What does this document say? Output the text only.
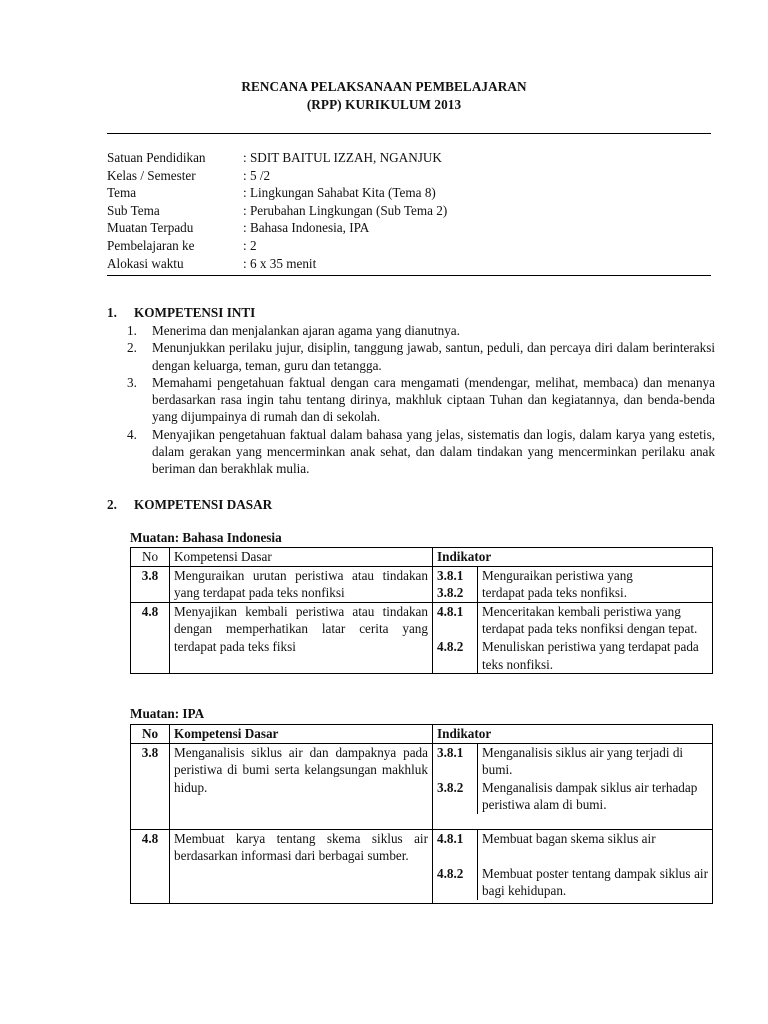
RENCANA PELAKSANAAN PEMBELAJARAN
(RPP) KURIKULUM 2013
Satuan Pendidikan	: SDIT BAITUL IZZAH, NGANJUK
Kelas / Semester	: 5 /2
Tema	: Lingkungan Sahabat Kita (Tema 8)
Sub Tema	: Perubahan Lingkungan (Sub Tema 2)
Muatan Terpadu	: Bahasa Indonesia, IPA
Pembelajaran ke	: 2
Alokasi waktu	: 6 x 35 menit
1. KOMPETENSI INTI
1.	Menerima dan menjalankan ajaran agama yang dianutnya.
2.	Menunjukkan perilaku jujur, disiplin, tanggung jawab, santun, peduli, dan percaya diri dalam berinteraksi dengan keluarga, teman, guru dan tetangga.
3.	Memahami pengetahuan faktual dengan cara mengamati (mendengar, melihat, membaca) dan menanya berdasarkan rasa ingin tahu tentang dirinya, makhluk ciptaan Tuhan dan kegiatannya, dan benda-benda yang dijumpainya di rumah dan di sekolah.
4.	Menyajikan pengetahuan faktual dalam bahasa yang jelas, sistematis dan logis, dalam karya yang estetis, dalam gerakan yang mencerminkan anak sehat, dan dalam tindakan yang mencerminkan perilaku anak beriman dan berakhlak mulia.
2. KOMPETENSI DASAR
Muatan: Bahasa Indonesia
No	Kompetensi Dasar	Indikator
3.8	Menguraikan urutan peristiwa atau tindakan yang terdapat pada teks nonfiksi	3.8.1 Menguraikan peristiwa yang
3.8.2 terdapat pada teks nonfiksi.

4.8	Menyajikan kembali peristiwa atau tindakan dengan memperhatikan latar cerita yang terdapat pada teks fiksi	4.8.1 Menceritakan kembali peristiwa yang terdapat pada teks nonfiksi dengan tepat.
4.8.2 Menuliskan peristiwa yang terdapat pada teks nonfiksi.
Muatan: IPA
No	Kompetensi Dasar	Indikator
3.8	Menganalisis siklus air dan dampaknya pada peristiwa di bumi serta kelangsungan makhluk hidup.	3.8.1 Menganalisis siklus air yang terjadi di bumi.
3.8.2 Menganalisis dampak siklus air terhadap peristiwa alam di bumi.

4.8	Membuat karya tentang skema siklus air berdasarkan informasi dari berbagai sumber.	4.8.1 Membuat bagan skema siklus air
4.8.2 Membuat poster tentang dampak siklus air bagi kehidupan.
